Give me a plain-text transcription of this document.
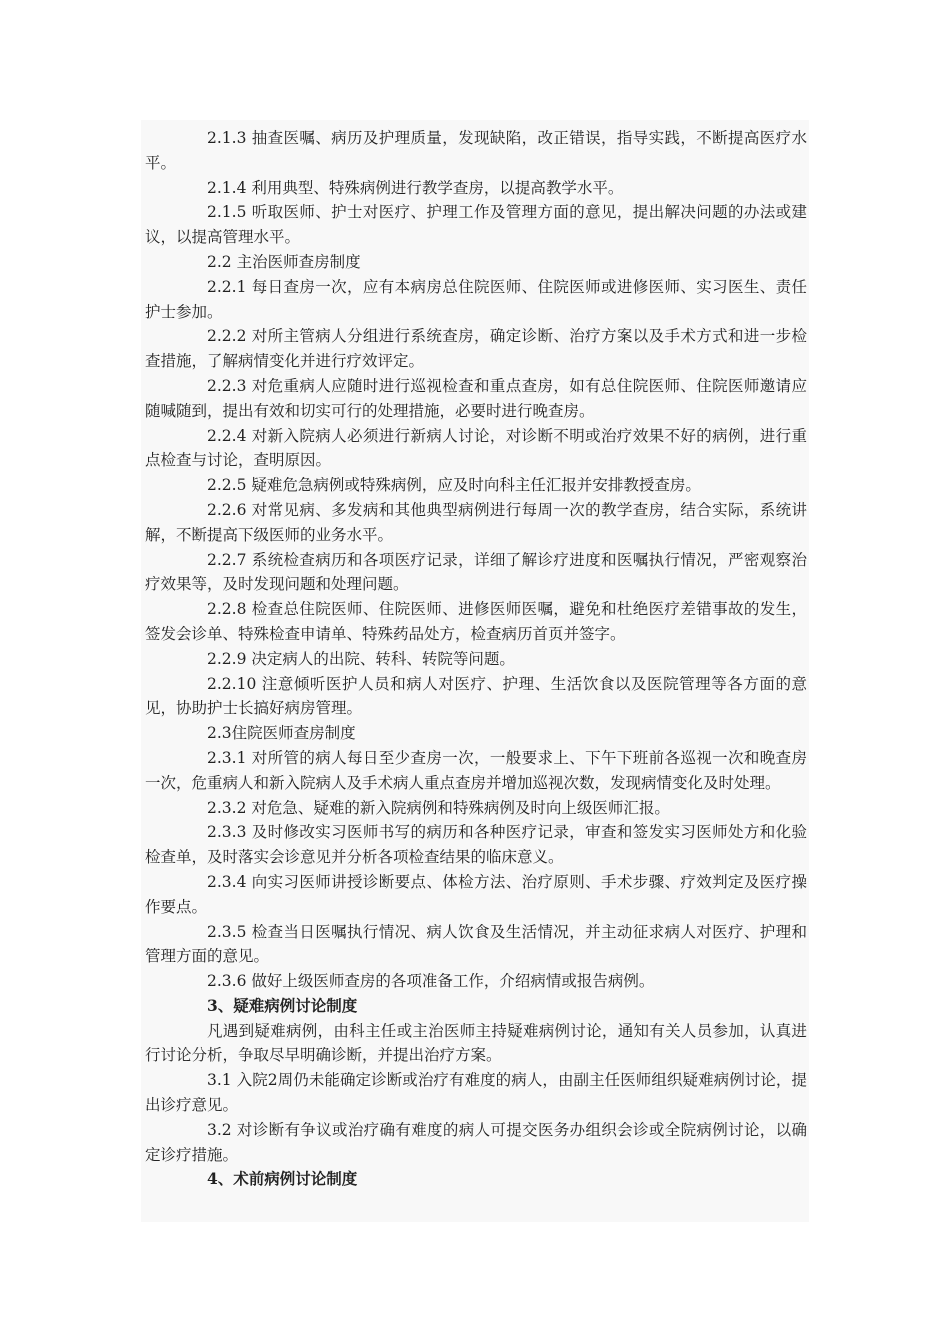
2.1.3 抽查医嘱、病历及护理质量，发现缺陷，改正错误，指导实践，不断提高医疗水平。

2.1.4 利用典型、特殊病例进行教学查房，以提高教学水平。

2.1.5 听取医师、护士对医疗、护理工作及管理方面的意见，提出解决问题的办法或建议，以提高管理水平。

2.2 主治医师查房制度

2.2.1 每日查房一次，应有本病房总住院医师、住院医师或进修医师、实习医生、责任护士参加。

2.2.2 对所主管病人分组进行系统查房，确定诊断、治疗方案以及手术方式和进一步检查措施，了解病情变化并进行疗效评定。

2.2.3 对危重病人应随时进行巡视检查和重点查房，如有总住院医师、住院医师邀请应随喊随到，提出有效和切实可行的处理措施，必要时进行晚查房。

2.2.4 对新入院病人必须进行新病人讨论，对诊断不明或治疗效果不好的病例，进行重点检查与讨论，查明原因。

2.2.5 疑难危急病例或特殊病例，应及时向科主任汇报并安排教授查房。

2.2.6 对常见病、多发病和其他典型病例进行每周一次的教学查房，结合实际，系统讲解，不断提高下级医师的业务水平。

2.2.7 系统检查病历和各项医疗记录，详细了解诊疗进度和医嘱执行情况，严密观察治疗效果等，及时发现问题和处理问题。

2.2.8 检查总住院医师、住院医师、进修医师医嘱，避免和杜绝医疗差错事故的发生，签发会诊单、特殊检查申请单、特殊药品处方，检查病历首页并签字。

2.2.9 决定病人的出院、转科、转院等问题。

2.2.10 注意倾听医护人员和病人对医疗、护理、生活饮食以及医院管理等各方面的意见，协助护士长搞好病房管理。

2.3住院医师查房制度

2.3.1 对所管的病人每日至少查房一次，一般要求上、下午下班前各巡视一次和晚查房一次，危重病人和新入院病人及手术病人重点查房并增加巡视次数，发现病情变化及时处理。

2.3.2 对危急、疑难的新入院病例和特殊病例及时向上级医师汇报。

2.3.3 及时修改实习医师书写的病历和各种医疗记录，审查和签发实习医师处方和化验检查单，及时落实会诊意见并分析各项检查结果的临床意义。

2.3.4 向实习医师讲授诊断要点、体检方法、治疗原则、手术步骤、疗效判定及医疗操作要点。

2.3.5 检查当日医嘱执行情况、病人饮食及生活情况，并主动征求病人对医疗、护理和管理方面的意见。

2.3.6 做好上级医师查房的各项准备工作，介绍病情或报告病例。

3、疑难病例讨论制度

凡遇到疑难病例，由科主任或主治医师主持疑难病例讨论，通知有关人员参加，认真进行讨论分析，争取尽早明确诊断，并提出治疗方案。

3.1 入院2周仍未能确定诊断或治疗有难度的病人，由副主任医师组织疑难病例讨论，提出诊疗意见。

3.2 对诊断有争议或治疗确有难度的病人可提交医务办组织会诊或全院病例讨论，以确定诊疗措施。

4、术前病例讨论制度
